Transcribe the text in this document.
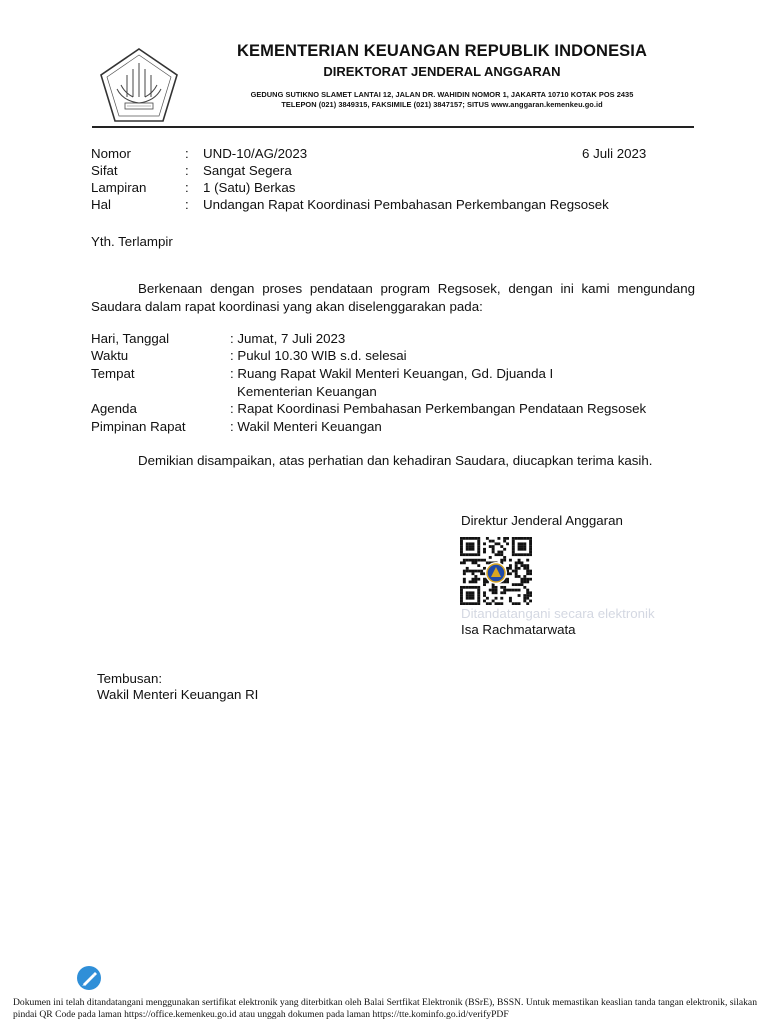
KEMENTERIAN KEUANGAN REPUBLIK INDONESIA
DIREKTORAT JENDERAL ANGGARAN
GEDUNG SUTIKNO SLAMET LANTAI 12, JALAN DR. WAHIDIN NOMOR 1, JAKARTA 10710 KOTAK POS 2435
TELEPON (021) 3849315, FAKSIMILE (021) 3847157; SITUS www.anggaran.kemenkeu.go.id
Nomor	: UND-10/AG/2023	6 Juli 2023
Sifat	: Sangat Segera
Lampiran	: 1 (Satu) Berkas
Hal	: Undangan Rapat Koordinasi Pembahasan Perkembangan Regsosek
Yth. Terlampir
Berkenaan dengan proses pendataan program Regsosek, dengan ini kami mengundang Saudara dalam rapat koordinasi yang akan diselenggarakan pada:
Hari, Tanggal	: Jumat, 7 Juli 2023
Waktu	: Pukul 10.30 WIB s.d. selesai
Tempat	: Ruang Rapat Wakil Menteri Keuangan, Gd. Djuanda I
Kementerian Keuangan
Agenda	: Rapat Koordinasi Pembahasan Perkembangan Pendataan Regsosek
Pimpinan Rapat	: Wakil Menteri Keuangan
Demikian disampaikan, atas perhatian dan kehadiran Saudara, diucapkan terima kasih.
Direktur Jenderal Anggaran
Ditandatangani secara elektronik
Isa Rachmatarwata
Tembusan:
Wakil Menteri Keuangan RI
Dokumen ini telah ditandatangani menggunakan sertifikat elektronik yang diterbitkan oleh Balai Sertfikat Elektronik (BSrE), BSSN. Untuk memastikan keaslian tanda tangan elektronik, silakan pindai QR Code pada laman https://office.kemenkeu.go.id atau unggah dokumen pada laman https://tte.kominfo.go.id/verifyPDF
